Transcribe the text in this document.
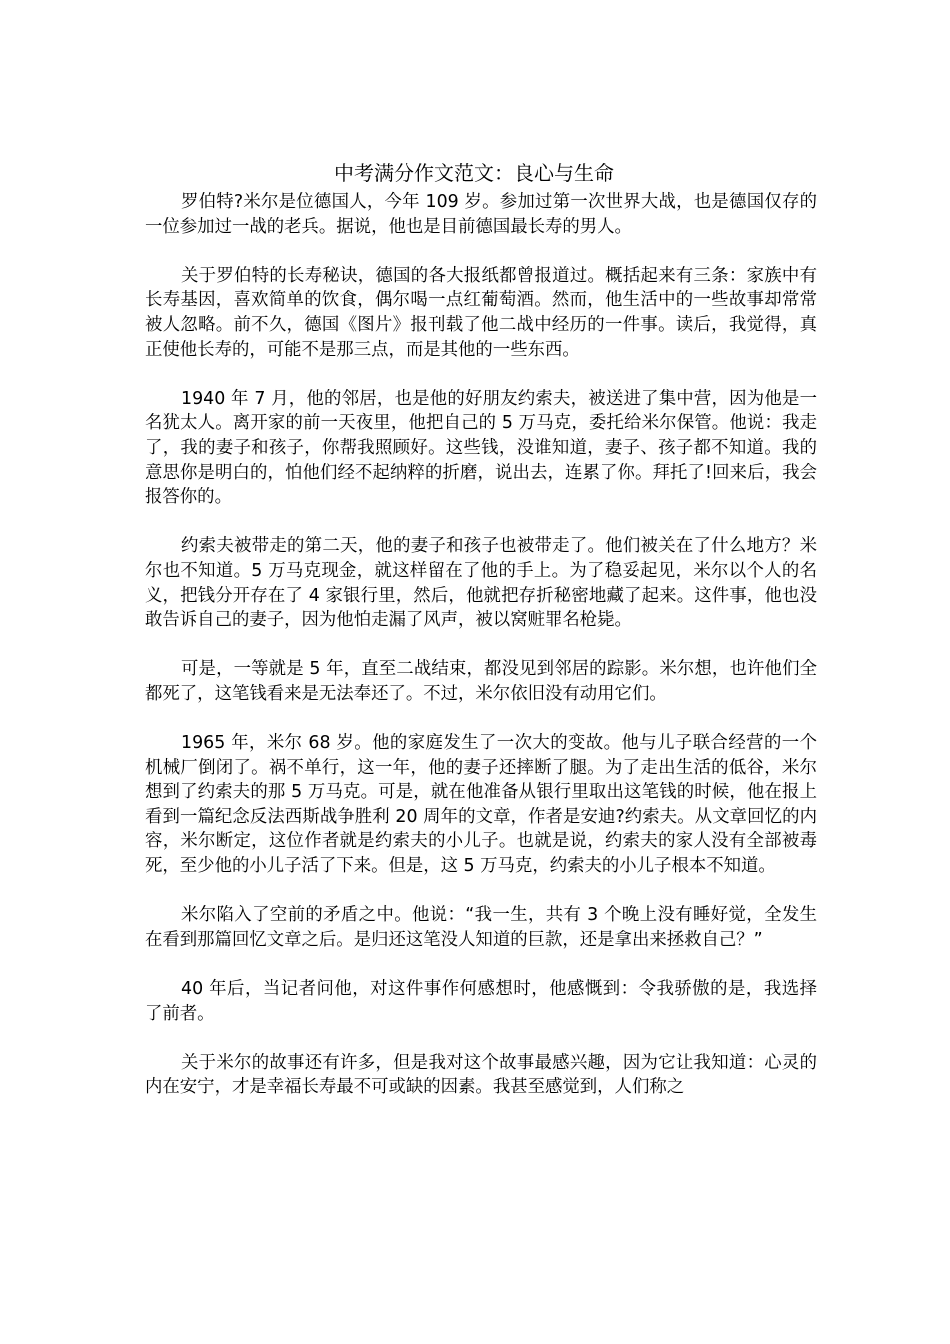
中考满分作文范文：良心与生命

罗伯特?米尔是位德国人，今年 109 岁。参加过第一次世界大战，也是德国仅存的一位参加过一战的老兵。据说，他也是目前德国最长寿的男人。

关于罗伯特的长寿秘诀，德国的各大报纸都曾报道过。概括起来有三条：家族中有长寿基因，喜欢简单的饮食，偶尔喝一点红葡萄酒。然而，他生活中的一些故事却常常被人忽略。前不久，德国《图片》报刊载了他二战中经历的一件事。读后，我觉得，真正使他长寿的，可能不是那三点，而是其他的一些东西。

1940 年 7 月，他的邻居，也是他的好朋友约索夫，被送进了集中营，因为他是一名犹太人。离开家的前一天夜里，他把自己的 5 万马克，委托给米尔保管。他说：我走了，我的妻子和孩子，你帮我照顾好。这些钱，没谁知道，妻子、孩子都不知道。我的意思你是明白的，怕他们经不起纳粹的折磨，说出去，连累了你。拜托了!回来后，我会报答你的。

约索夫被带走的第二天，他的妻子和孩子也被带走了。他们被关在了什么地方？米尔也不知道。5 万马克现金，就这样留在了他的手上。为了稳妥起见，米尔以个人的名义，把钱分开存在了 4 家银行里，然后，他就把存折秘密地藏了起来。这件事，他也没敢告诉自己的妻子，因为他怕走漏了风声，被以窝赃罪名枪毙。

可是，一等就是 5 年，直至二战结束，都没见到邻居的踪影。米尔想，也许他们全都死了，这笔钱看来是无法奉还了。不过，米尔依旧没有动用它们。

1965 年，米尔 68 岁。他的家庭发生了一次大的变故。他与儿子联合经营的一个机械厂倒闭了。祸不单行，这一年，他的妻子还摔断了腿。为了走出生活的低谷，米尔想到了约索夫的那 5 万马克。可是，就在他准备从银行里取出这笔钱的时候，他在报上看到一篇纪念反法西斯战争胜利 20 周年的文章，作者是安迪?约索夫。从文章回忆的内容，米尔断定，这位作者就是约索夫的小儿子。也就是说，约索夫的家人没有全部被毒死，至少他的小儿子活了下来。但是，这 5 万马克，约索夫的小儿子根本不知道。

米尔陷入了空前的矛盾之中。他说：“我一生，共有 3 个晚上没有睡好觉，全发生在看到那篇回忆文章之后。是归还这笔没人知道的巨款，还是拿出来拯救自己？”

40 年后，当记者问他，对这件事作何感想时，他感慨到：令我骄傲的是，我选择了前者。

关于米尔的故事还有许多，但是我对这个故事最感兴趣，因为它让我知道：心灵的内在安宁，才是幸福长寿最不可或缺的因素。我甚至感觉到，人们称之
